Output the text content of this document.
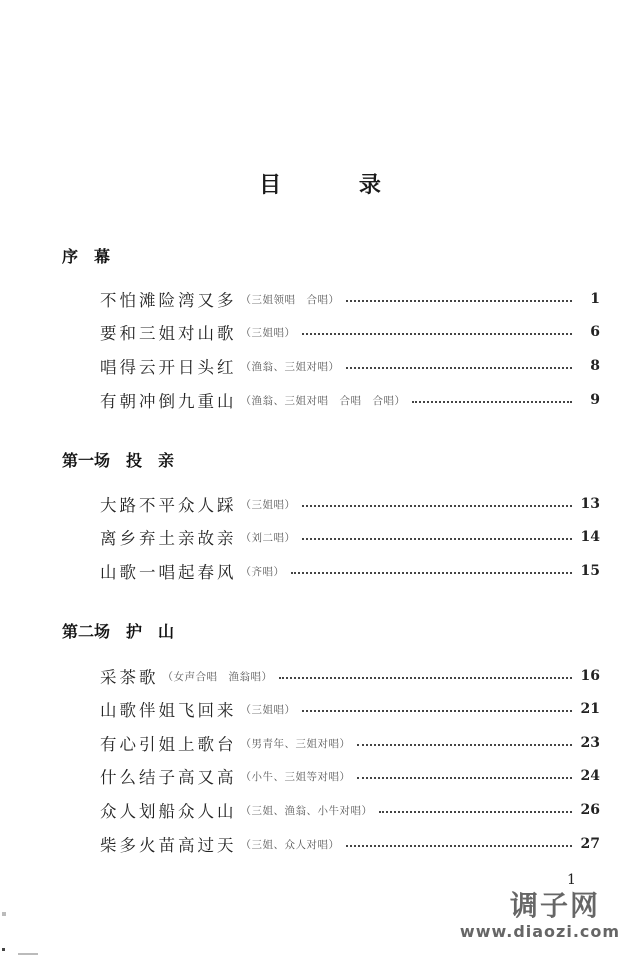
目	录
序 幕
不怕滩险湾又多 （三姐领唱　合唱）	1
要和三姐对山歌 （三姐唱）	6
唱得云开日头红 （渔翁、三姐对唱）	8
有朝冲倒九重山 （渔翁、三姐对唱　合唱　合唱）	9
第一场 投　亲
大路不平众人踩 （三姐唱）	13
离乡弃土亲故亲 （刘二唱）	14
山歌一唱起春风 （齐唱）	15
第二场 护　山
采茶歌 （女声合唱　渔翁唱）	16
山歌伴姐飞回来 （三姐唱）	21
有心引姐上歌台 （男青年、三姐对唱）	23
什么结子高又高 （小牛、三姐等对唱）	24
众人划船众人山 （三姐、渔翁、小牛对唱）	26
柴多火苗高过天 （三姐、众人对唱）	27
1
调子网
www.diaozi.com
